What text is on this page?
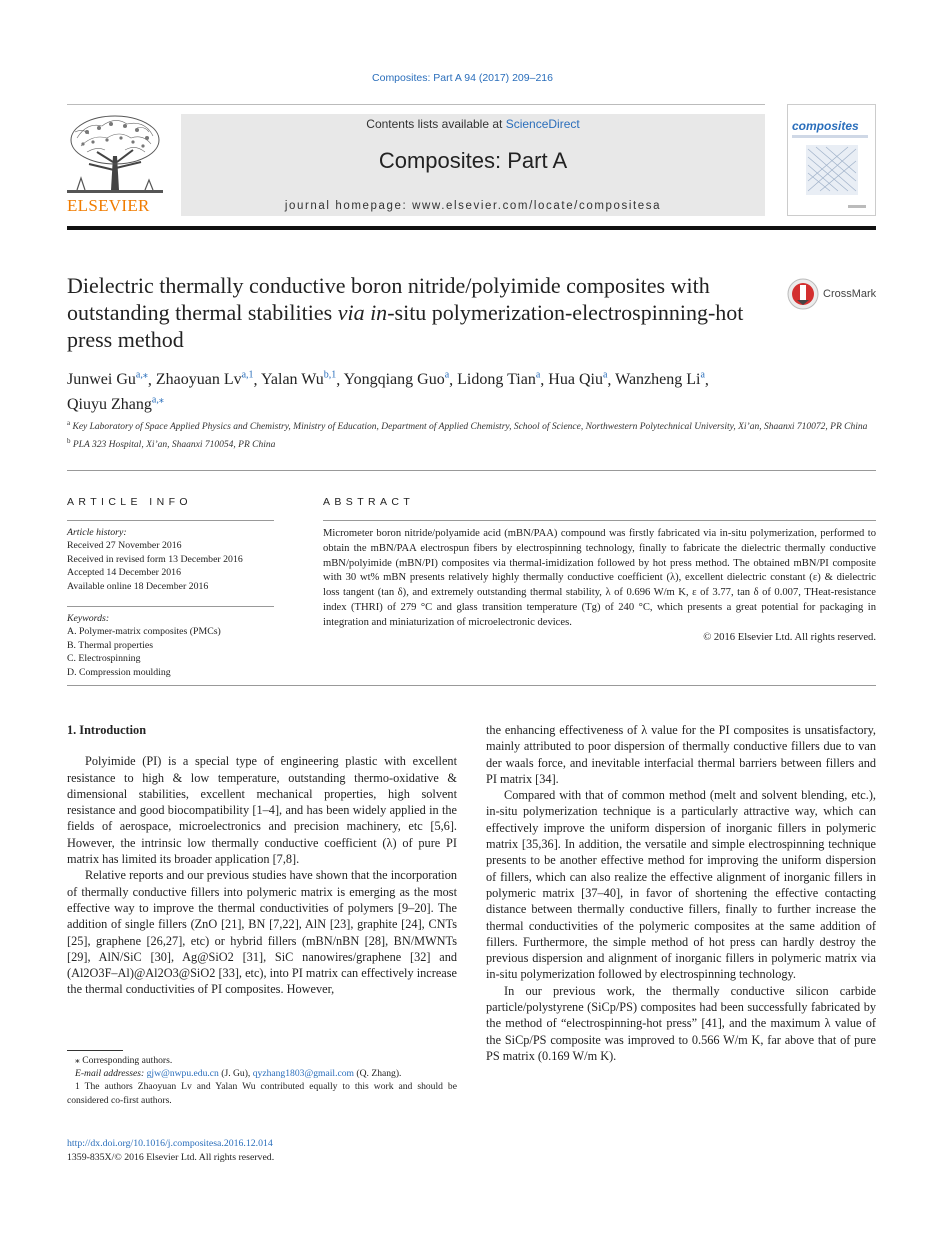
Composites: Part A 94 (2017) 209–216
ELSEVIER
Contents lists available at ScienceDirect
Composites: Part A
journal homepage: www.elsevier.com/locate/compositesa
composites
Dielectric thermally conductive boron nitride/polyimide composites with outstanding thermal stabilities via in-situ polymerization-electrospinning-hot press method
CrossMark
Junwei $Gu^{a,⁎}$, Zhaoyuan Lv$^{a,1}$, Yalan Wu$^{b,1}$, Yongqiang Guo$^a$, Lidong Tian$^a$, Hua Qiu$^a$, Wanzheng Li$^a$,
Qiuyu Zhang$^{a,⁎}$
$^a$ Key Laboratory of Space Applied Physics and Chemistry, Ministry of Education, Department of Applied Chemistry, School of Science, Northwestern Polytechnical University, Xi’an, Shaanxi 710072, PR China
$^b$ PLA 323 Hospital, Xi’an, Shaanxi 710054, PR China
ARTICLE INFO	ABSTRACT
Article history:
Received 27 November 2016
Received in revised form 13 December 2016
Accepted 14 December 2016
Available online 18 December 2016
Keywords:
A. Polymer-matrix composites (PMCs)
B. Thermal properties
C. Electrospinning
D. Compression moulding

Micrometer boron nitride/polyamide acid (mBN/PAA) compound was firstly fabricated via in-situ polymerization, performed to obtain the mBN/PAA electrospun fibers by electrospinning technology, finally to fabricate the dielectric thermally conductive mBN/polyimide (mBN/PI) composites via thermal-imidization followed by hot press method. The obtained mBN/PI composite with 30 wt% mBN presents relatively highly thermally conductive coefficient (λ), excellent dielectric constant (ε) & dielectric loss tangent (tan δ), and extremely outstanding thermal stability, λ of 0.696 W/m K, ε of 3.77, tan δ of 0.007, THeat-resistance index (THRI) of 279 °C and glass transition temperature (Tg) of 240 °C, which presents a great potential for packaging in integration and miniaturization of microelectronic devices.

© 2016 Elsevier Ltd. All rights reserved.

1. Introduction

Polyimide (PI) is a special type of engineering plastic with excellent resistance to high & low temperature, outstanding thermo-oxidative & dimensional stabilities, excellent mechanical properties, high solvent resistance and good biocompatibility [1–4], and has been widely applied in the fields of aerospace, microelectronics and precision machinery, etc [5,6]. However, the intrinsic low thermally conductive coefficient (λ) of pure PI matrix has limited its broader application [7,8].

Relative reports and our previous studies have shown that the incorporation of thermally conductive fillers into polymeric matrix is emerging as the most effective way to improve the thermal conductivities of polymers [9–20]. The addition of single fillers (ZnO [21], BN [7,22], AlN [23], graphite [24], CNTs [25], graphene [26,27], etc) or hybrid fillers (mBN/nBN [28], BN/MWNTs [29], AlN/SiC [30], Ag@SiO2 [31], SiC nanowires/graphene [32] and (Al2O3F–Al)@Al2O3@SiO2 [33], etc), into PI matrix can effectively increase the thermal conductivities of PI composites. However,

the enhancing effectiveness of λ value for the PI composites is unsatisfactory, mainly attributed to poor dispersion of thermally conductive fillers due to van der waals force, and inevitable interfacial thermal barriers between fillers and PI matrix [34].

Compared with that of common method (melt and solvent blending, etc.), in-situ polymerization technique is a particularly attractive way, which can effectively improve the uniform dispersion of inorganic fillers in polymeric matrix [35,36]. In addition, the versatile and simple electrospinning technique presents to be another effective method for improving the uniform dispersion of fillers, which can also realize the effective alignment of inorganic fillers in polymeric matrix [37–40], in favor of shortening the effective contacting distance between thermally conductive fillers, finally to further increase the thermal conductivities of the polymeric composites at the same addition of fillers. Furthermore, the simple method of hot press can hardly destroy the previous dispersion and alignment of inorganic fillers in polymeric matrix via in-situ polymerization followed by electrospinning technology.

In our previous work, the thermally conductive silicon carbide particle/polystyrene (SiCp/PS) composites had been successfully fabricated by the method of “electrospinning-hot press” [41], and the maximum λ value of the SiCp/PS composite was improved to 0.566 W/m K, far above that of pure PS matrix (0.169 W/m K).

⁎ Corresponding authors.

E-mail addresses: gjw@nwpu.edu.cn (J. Gu), qyzhang1803@gmail.com (Q. Zhang).

1 The authors Zhaoyuan Lv and Yalan Wu contributed equally to this work and should be considered co-first authors.

http://dx.doi.org/10.1016/j.compositesa.2016.12.014
1359-835X/© 2016 Elsevier Ltd. All rights reserved.
